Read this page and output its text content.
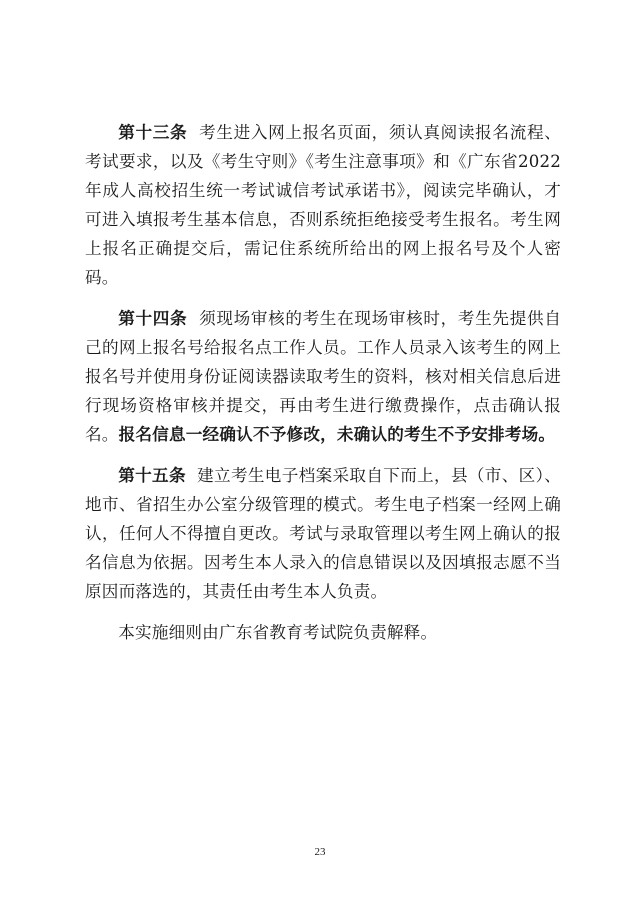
第十三条 考生进入网上报名页面，须认真阅读报名流程、考试要求，以及《考生守则》《考生注意事项》和《广东省2022年成人高校招生统一考试诚信考试承诺书》，阅读完毕确认，才可进入填报考生基本信息，否则系统拒绝接受考生报名。考生网上报名正确提交后，需记住系统所给出的网上报名号及个人密码。

第十四条 须现场审核的考生在现场审核时，考生先提供自己的网上报名号给报名点工作人员。工作人员录入该考生的网上报名号并使用身份证阅读器读取考生的资料，核对相关信息后进行现场资格审核并提交，再由考生进行缴费操作，点击确认报名。报名信息一经确认不予修改，未确认的考生不予安排考场。

第十五条 建立考生电子档案采取自下而上，县（市、区）、地市、省招生办公室分级管理的模式。考生电子档案一经网上确认，任何人不得擅自更改。考试与录取管理以考生网上确认的报名信息为依据。因考生本人录入的信息错误以及因填报志愿不当原因而落选的，其责任由考生本人负责。

本实施细则由广东省教育考试院负责解释。

23
